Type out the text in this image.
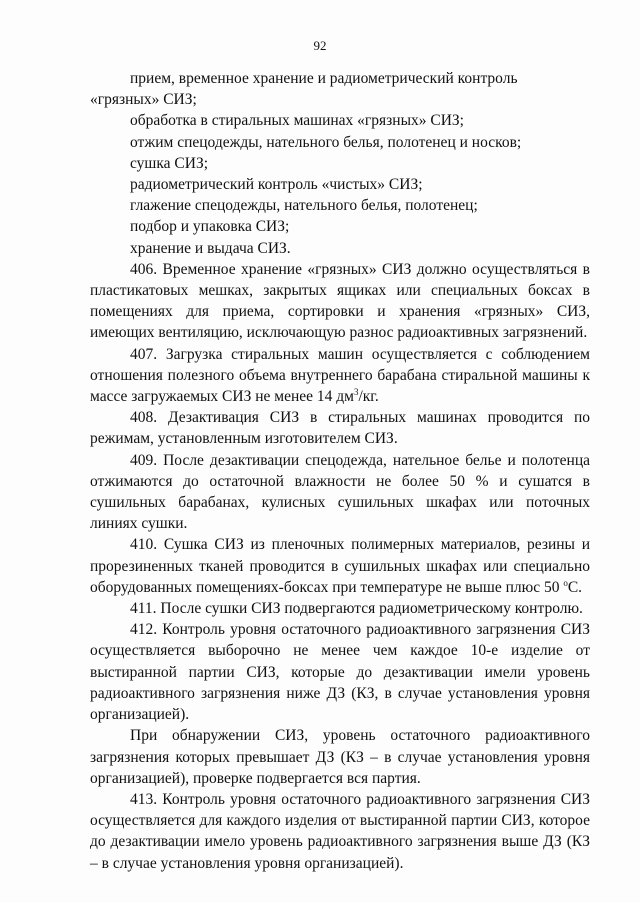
92

прием, временное хранение и радиометрический контроль «грязных» СИЗ;

обработка в стиральных машинах «грязных» СИЗ;

отжим спецодежды, нательного белья, полотенец и носков;

сушка СИЗ;

радиометрический контроль «чистых» СИЗ;

глажение спецодежды, нательного белья, полотенец;

подбор и упаковка СИЗ;

хранение и выдача СИЗ.

406. Временное хранение «грязных» СИЗ должно осуществляться в пластикатовых мешках, закрытых ящиках или специальных боксах в помещениях для приема, сортировки и хранения «грязных» СИЗ, имеющих вентиляцию, исключающую разнос радиоактивных загрязнений.

407. Загрузка стиральных машин осуществляется с соблюдением отношения полезного объема внутреннего барабана стиральной машины к массе загружаемых СИЗ не менее 14 $дм^3/кг$.

408. Дезактивация СИЗ в стиральных машинах проводится по режимам, установленным изготовителем СИЗ.

409. После дезактивации спецодежда, нательное белье и полотенца отжимаются до остаточной влажности не более 50 % и сушатся в сушильных барабанах, кулисных сушильных шкафах или поточных линиях сушки.

410. Сушка СИЗ из пленочных полимерных материалов, резины и прорезиненных тканей проводится в сушильных шкафах или специально оборудованных помещениях-боксах при температуре не выше плюс 50 $^о$С.

411. После сушки СИЗ подвергаются радиометрическому контролю.

412. Контроль уровня остаточного радиоактивного загрязнения СИЗ осуществляется выборочно не менее чем каждое 10-е изделие от выстиранной партии СИЗ, которые до дезактивации имели уровень радиоактивного загрязнения ниже ДЗ (КЗ, в случае установления уровня организацией).

При обнаружении СИЗ, уровень остаточного радиоактивного загрязнения которых превышает ДЗ (КЗ – в случае установления уровня организацией), проверке подвергается вся партия.

413. Контроль уровня остаточного радиоактивного загрязнения СИЗ осуществляется для каждого изделия от выстиранной партии СИЗ, которое до дезактивации имело уровень радиоактивного загрязнения выше ДЗ (КЗ – в случае установления уровня организацией).
